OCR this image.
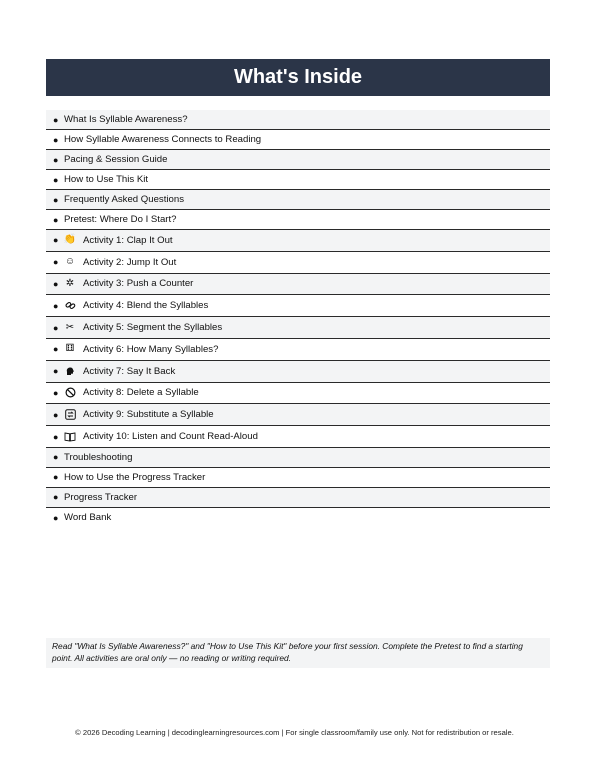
What's Inside
● What Is Syllable Awareness?
● How Syllable Awareness Connects to Reading
● Pacing & Session Guide
● How to Use This Kit
● Frequently Asked Questions
● Pretest: Where Do I Start?
● 👏 Activity 1: Clap It Out
● ☺ Activity 2: Jump It Out
● ✲ Activity 3: Push a Counter
●	Activity 4: Blend the Syllables
● ✂ Activity 5: Segment the Syllables
● ⚅ Activity 6: How Many Syllables?
●	Activity 7: Say It Back
●	Activity 8: Delete a Syllable
●	Activity 9: Substitute a Syllable
●	Activity 10: Listen and Count Read-Aloud
● Troubleshooting
● How to Use the Progress Tracker
● Progress Tracker
● Word Bank
Read "What Is Syllable Awareness?" and "How to Use This Kit" before your first session. Complete the Pretest to find a starting point. All activities are oral only — no reading or writing required.
© 2026 Decoding Learning | decodinglearningresources.com | For single classroom/family use only. Not for redistribution or resale.
